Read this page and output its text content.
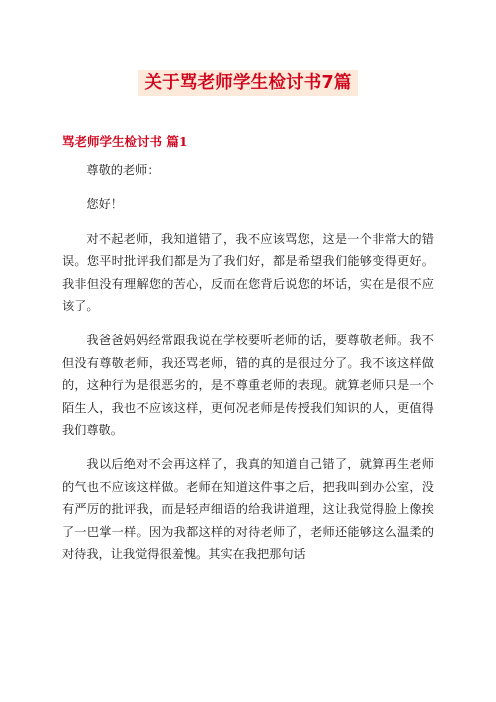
关于骂老师学生检讨书7篇
骂老师学生检讨书 篇1

尊敬的老师：

您好！

对不起老师，我知道错了，我不应该骂您，这是一个非常大的错误。您平时批评我们都是为了我们好，都是希望我们能够变得更好。我非但没有理解您的苦心，反而在您背后说您的坏话，实在是很不应该了。

我爸爸妈妈经常跟我说在学校要听老师的话，要尊敬老师。我不但没有尊敬老师，我还骂老师，错的真的是很过分了。我不该这样做的，这种行为是很恶劣的，是不尊重老师的表现。就算老师只是一个陌生人，我也不应该这样，更何况老师是传授我们知识的人，更值得我们尊敬。

我以后绝对不会再这样了，我真的知道自己错了，就算再生老师的气也不应该这样做。老师在知道这件事之后，把我叫到办公室，没有严厉的批评我，而是轻声细语的给我讲道理，这让我觉得脸上像挨了一巴掌一样。因为我都这样的对待老师了，老师还能够这么温柔的对待我，让我觉得很羞愧。其实在我把那句话
